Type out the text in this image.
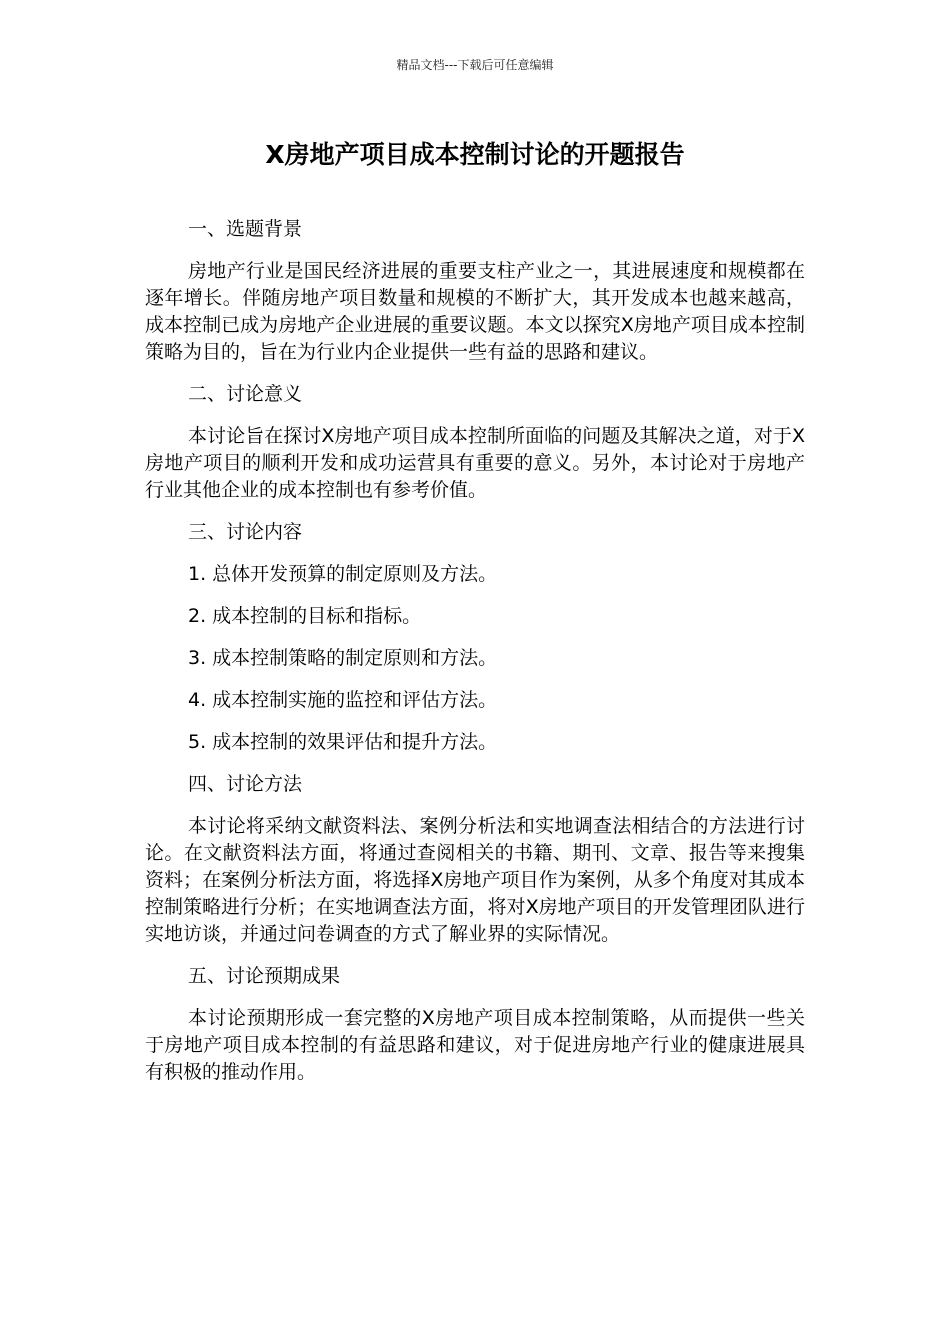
精品文档---下载后可任意编辑
X房地产项目成本控制讨论的开题报告

一、选题背景

房地产行业是国民经济进展的重要支柱产业之一，其进展速度和规模都在逐年增长。伴随房地产项目数量和规模的不断扩大，其开发成本也越来越高，成本控制已成为房地产企业进展的重要议题。本文以探究X房地产项目成本控制策略为目的，旨在为行业内企业提供一些有益的思路和建议。

二、讨论意义

本讨论旨在探讨X房地产项目成本控制所面临的问题及其解决之道，对于X房地产项目的顺利开发和成功运营具有重要的意义。另外，本讨论对于房地产行业其他企业的成本控制也有参考价值。

三、讨论内容

1. 总体开发预算的制定原则及方法。

2. 成本控制的目标和指标。

3. 成本控制策略的制定原则和方法。

4. 成本控制实施的监控和评估方法。

5. 成本控制的效果评估和提升方法。

四、讨论方法

本讨论将采纳文献资料法、案例分析法和实地调查法相结合的方法进行讨论。在文献资料法方面，将通过查阅相关的书籍、期刊、文章、报告等来搜集资料；在案例分析法方面，将选择X房地产项目作为案例，从多个角度对其成本控制策略进行分析；在实地调查法方面，将对X房地产项目的开发管理团队进行实地访谈，并通过问卷调查的方式了解业界的实际情况。

五、讨论预期成果

本讨论预期形成一套完整的X房地产项目成本控制策略，从而提供一些关于房地产项目成本控制的有益思路和建议，对于促进房地产行业的健康进展具有积极的推动作用。
